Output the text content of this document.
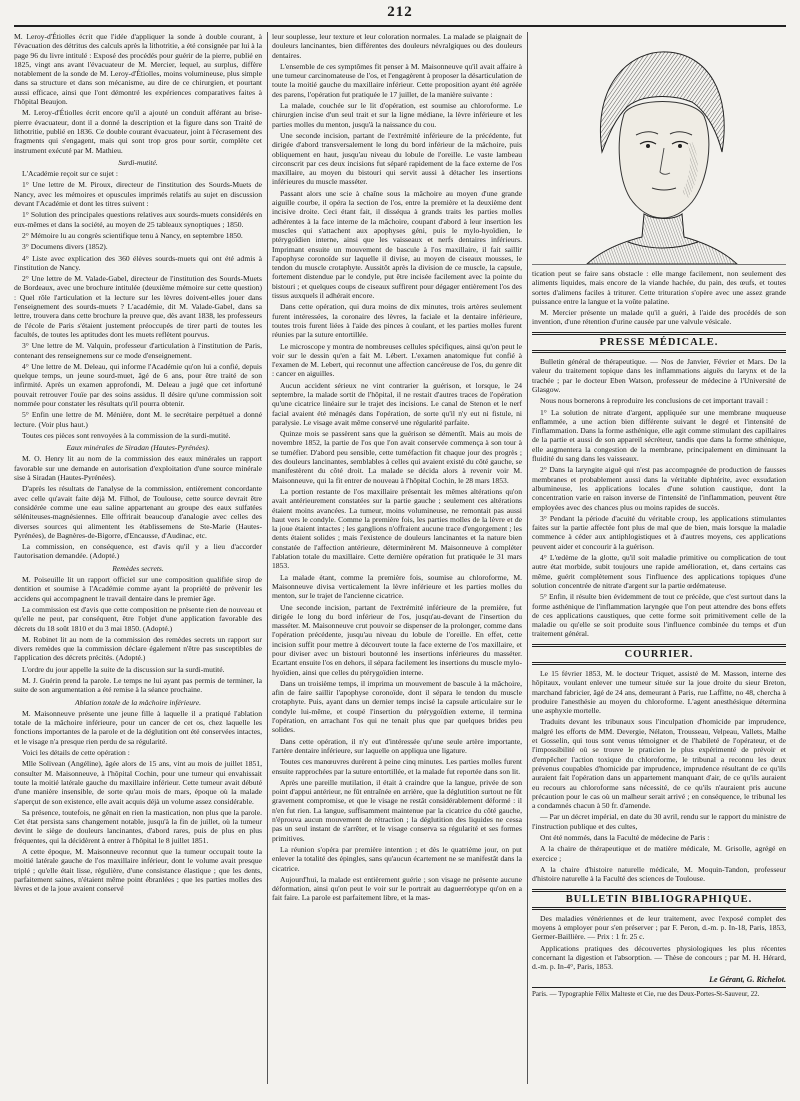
212

M. Leroy-d'Étiolles écrit que l'idée d'appliquer la sonde à double courant, à l'évacuation des détritus des calculs après la lithotritie, a été consignée par lui à la page 96 du livre intitulé : Exposé des procédés pour guérir de la pierre, publié en 1825, vingt ans avant l'évacuateur de M. Mercier, lequel, au surplus, diffère notablement de la sonde de M. Leroy-d'Étiolles, moins volumineuse, plus simple dans sa structure et dans son mécanisme, au dire de ce chirurgien, et pourtant aussi efficace, ainsi que l'ont démontré les expériences comparatives faites à l'hôpital Beaujon.

M. Leroy-d'Étiolles écrit encore qu'il a ajouté un conduit afférant au brise-pierre évacuateur, dont il a donné la description et la figure dans son Traité de lithotritie, publié en 1836. Ce double courant évacuateur, joint à l'écrasement des fragments qui s'engagent, mais qui sont trop gros pour sortir, complète cet instrument exécuté par M. Mathieu.

Surdi-mutité.

L'Académie reçoit sur ce sujet :

1° Une lettre de M. Piroux, directeur de l'institution des Sourds-Muets de Nancy, avec les mémoires et opuscules imprimés relatifs au sujet en discussion devant l'Académie et dont les titres suivent :

1° Solution des principales questions relatives aux sourds-muets considérés en eux-mêmes et dans la société, au moyen de 25 tableaux synoptiques ; 1850.

2° Mémoire lu au congrès scientifique tenu à Nancy, en septembre 1850.

3° Documens divers (1852).

4° Liste avec explication des 360 élèves sourds-muets qui ont été admis à l'institution de Nancy.

2° Une lettre de M. Valade-Gabel, directeur de l'institution des Sourds-Muets de Bordeaux, avec une brochure intitulée (deuxième mémoire sur cette question) : Quel rôle l'articulation et la lecture sur les lèvres doivent-elles jouer dans l'enseignement des sourds-muets ? L'académie, dit M. Valade-Gabel, dans sa lettre, trouvera dans cette brochure la preuve que, dès avant 1838, les professeurs de l'école de Paris s'étaient justement préoccupés de tirer parti de toutes les facultés, de toutes les aptitudes dont les muets reflètent pourvus.

3° Une lettre de M. Valquin, professeur d'articulation à l'institution de Paris, contenant des renseignemens sur ce mode d'enseignement.

4° Une lettre de M. Deleau, qui informe l'Académie qu'on lui a confié, depuis quelque temps, un jeune sourd-muet, âgé de 6 ans, pour être traité de son infirmité. Après un examen approfondi, M. Deleau a jugé que cet infortuné pouvait retrouver l'ouïe par des soins assidus. Il désire qu'une commission soit nommée pour constater les résultats qu'il pourra obtenir.

5° Enfin une lettre de M. Ménière, dont M. le secrétaire perpétuel a donné lecture. (Voir plus haut.)

Toutes ces pièces sont renvoyées à la commission de la surdi-mutité.

Eaux minérales de Siradan (Hautes-Pyrénées).

M. O. Henry lit au nom de la commission des eaux minérales un rapport favorable sur une demande en autorisation d'exploitation d'une source minérale sise à Siradan (Hautes-Pyrénées).

D'après les résultats de l'analyse de la commission, entièrement concordante avec celle qu'avait faite déjà M. Filhol, de Toulouse, cette source devrait être considérée comme une eau saline appartenant au groupe des eaux sulfatées séléniteuses-magnésiennes. Elle offrirait beaucoup d'analogie avec celles des diverses sources qui alimentent les établissemens de Ste-Marie (Hautes-Pyrénées), de Bagnères-de-Bigorre, d'Encausse, d'Audinac, etc.

La commission, en conséquence, est d'avis qu'il y a lieu d'accorder l'autorisation demandée. (Adopté.)

Remèdes secrets.

M. Poiseuille lit un rapport officiel sur une composition qualifiée sirop de dentition et soumise à l'Académie comme ayant la propriété de prévenir les accidens qui accompagnent le travail dentaire dans le premier âge.

La commission est d'avis que cette composition ne présente rien de nouveau et qu'elle ne peut, par conséquent, être l'objet d'une application favorable des décrets du 18 soût 1810 et du 3 mai 1850. (Adopté.)

M. Robinet lit au nom de la commission des remèdes secrets un rapport sur divers remèdes que la commission déclare également n'être pas susceptibles de l'application des décrets précités. (Adopté.)

L'ordre du jour appelle la suite de la discussion sur la surdi-mutité.

M. J. Guérin prend la parole. Le temps ne lui ayant pas permis de terminer, la suite de son argumentation a été remise à la séance prochaine.

Ablation totale de la mâchoire inférieure.

M. Maisonneuve présente une jeune fille à laquelle il a pratiqué l'ablation totale de la mâchoire inférieure, pour un cancer de cet os, chez laquelle les fonctions importantes de la parole et de la déglutition ont été conservées intactes, et le visage n'a presque rien perdu de sa régularité.

Voici les détails de cette opération :

Mlle Solivean (Angéline), âgée alors de 15 ans, vint au mois de juillet 1851, consulter M. Maisonneuve, à l'hôpital Cochin, pour une tumeur qui envahissait toute la moitié latérale gauche du maxillaire inférieur. Cette tumeur avait débuté d'une manière insensible, de sorte qu'au mois de mars, époque où la malade s'aperçut de son existence, elle avait acquis déjà un volume assez considérable.

Sa présence, toutefois, ne gênait en rien la mastication, non plus que la parole. Cet état persista sans changement notable, jusqu'à la fin de juillet, où la tumeur devint le siège de douleurs lancinantes, d'abord rares, puis de plus en plus fréquentes, qui la décidèrent à entrer à l'hôpital le 8 juillet 1851.

A cette époque, M. Maisonneuve reconnut que la tumeur occupait toute la moitié latérale gauche de l'os maxillaire inférieur, dont le volume avait presque triplé ; qu'elle était lisse, régulière, d'une consistance élastique ; que les dents, parfaitement saines, n'étaient même point ébranlées ; que les parties molles des lèvres et de la joue avaient conservé

leur souplesse, leur texture et leur coloration normales. La malade se plaignait de douleurs lancinantes, bien différentes des douleurs névralgiques ou des douleurs dentaires.

L'ensemble de ces symptômes fit penser à M. Maisonneuve qu'il avait affaire à une tumeur carcinomateuse de l'os, et l'engagèrent à proposer la désarticulation de toute la moitié gauche du maxillaire inférieur. Cette proposition ayant été agréée des parens, l'opération fut pratiquée le 17 juillet, de la manière suivante :

La malade, couchée sur le lit d'opération, est soumise au chloroforme. Le chirurgien incise d'un seul trait et sur la ligne médiane, la lèvre inférieure et les parties molles du menton, jusqu'à la naissance du cou.

Une seconde incision, partant de l'extrémité inférieure de la précédente, fut dirigée d'abord transversalement le long du bord inférieur de la mâchoire, puis obliquement en haut, jusqu'au niveau du lobule de l'oreille. Le vaste lambeau circonscrit par ces deux incisions fut séparé rapidement de la face externe de l'os maxillaire, au moyen du bistouri qui servit aussi à détacher les insertions inférieures du muscle masséter.

Passant alors une scie à chaîne sous la mâchoire au moyen d'une grande aiguille courbe, il opéra la section de l'os, entre la première et la deuxième dent incisive droite. Ceci étant fait, il disséqua à grands traits les parties molles adhérentes à la face interne de la mâchoire, coupant d'abord à leur insertion les muscles qui s'attachent aux apophyses géni, puis le mylo-hyoïdien, le ptérygoïdien interne, ainsi que les vaisseaux et nerfs dentaires inférieurs. Imprimant ensuite un mouvement de bascule à l'os maxillaire, il fait saillir l'apophyse coronoïde sur laquelle il divise, au moyen de ciseaux mousses, le tendon du muscle crotaphyte. Aussitôt après la division de ce muscle, la capsule, fortement distendue par le condyle, put être incisée facilement avec la pointe du bistouri ; et quelques coups de ciseaux suffirent pour dégager entièrement l'os des tissus auxquels il adhérait encore.

Dans cette opération, qui dura moins de dix minutes, trois artères seulement furent intéressées, la coronaire des lèvres, la faciale et la dentaire inférieure, toutes trois furent liées à l'aide des pinces à coulant, et les parties molles furent réunies par la suture entortillée.

Le microscope y montra de nombreuses cellules spécifiques, ainsi qu'on peut le voir sur le dessin qu'en a fait M. Lébert. L'examen anatomique fut confié à l'examen de M. Lebert, qui reconnut une affection cancéreuse de l'os, du genre dit : cancer en aiguilles.

Aucun accident sérieux ne vint contrarier la guérison, et lorsque, le 24 septembre, la malade sortit de l'hôpital, il ne restait d'autres traces de l'opération qu'une cicatrice linéaire sur le trajet des incisions. Le canal de Stenon et le nerf facial avaient été ménagés dans l'opération, de sorte qu'il n'y eut ni fistule, ni paralysie. Le visage avait même conservé une régularité parfaite.

Quinze mois se passèrent sans que la guérison se démentît. Mais au mois de novembre 1852, la partie de l'os que l'on avait conservée commença à son tour à se tuméfier. D'abord peu sensible, cette tuméfaction fit chaque jour des progrès ; des douleurs lancinantes, semblables à celles qui avaient existé du côté gauche, se manifestèrent du côté droit. La malade se décida alors à revenir voir M. Maisonneuve, qui la fit entrer de nouveau à l'hôpital Cochin, le 28 mars 1853.

La portion restante de l'os maxillaire présentait les mêmes altérations qu'on avait antérieurement constatées sur la partie gauche ; seulement ces altérations étaient moins avancées. La tumeur, moins volumineuse, ne remontait pas aussi haut vers le condyle. Comme la première fois, les parties molles de la lèvre et de la joue étaient intactes ; les ganglions n'offraient aucune trace d'engorgement ; les dents étaient solides ; mais l'existence de douleurs lancinantes et la nature bien constatée de l'affection antérieure, déterminèrent M. Maisonneuve à compléter l'ablation totale du maxillaire. Cette dernière opération fut pratiquée le 31 mars 1853.

La malade étant, comme la première fois, soumise au chloroforme, M. Maisonneuve divisa verticalement la lèvre inférieure et les parties molles du menton, sur le trajet de l'ancienne cicatrice.

Une seconde incision, partant de l'extrémité inférieure de la première, fut dirigée le long du bord inférieur de l'os, jusqu'au-devant de l'insertion du masséter. M. Maisonneuve crut pouvoir se dispenser de la prolonger, comme dans l'opération précédente, jusqu'au niveau du lobule de l'oreille. En effet, cette incision suffit pour mettre à découvert toute la face externe de l'os maxillaire, et pour diviser avec un bistouri boutonné les insertions inférieures du masséter. Ecartant ensuite l'os en dehors, il sépara facilement les insertions du muscle mylo-hyoïdien, ainsi que celles du ptérygoïdien interne.

Dans un troisième temps, il imprima un mouvement de bascule à la mâchoire, afin de faire saillir l'apophyse coronoïde, dont il sépara le tendon du muscle crotaphyte. Puis, ayant dans un dernier temps incisé la capsule articulaire sur le condyle lui-même, et coupé l'insertion du ptérygoïdien externe, il termina l'opération, en arrachant l'os qui ne tenait plus que par quelques brides peu solides.

Dans cette opération, il n'y eut d'intéressée qu'une seule artère importante, l'artère dentaire inférieure, sur laquelle on appliqua une ligature.

Toutes ces manœuvres durèrent à peine cinq minutes. Les parties molles furent ensuite rapprochées par la suture entortillée, et la malade fut reportée dans son lit.

Après une pareille mutilation, il était à craindre que la langue, privée de son point d'appui antérieur, ne fût entraînée en arrière, que la déglutition surtout ne fût gravement compromise, et que le visage ne restât considérablement déformé : il n'en fut rien. La langue, suffisamment maintenue par la cicatrice du côté gauche, n'éprouva aucun mouvement de rétraction ; la déglutition des liquides ne cessa pas un seul instant de s'arrêter, et le visage conserva sa régularité et ses formes primitives.

La réunion s'opéra par première intention ; et dès le quatrième jour, on put enlever la totalité des épingles, sans qu'aucun écartement ne se manifestât dans la cicatrice.

Aujourd'hui, la malade est entièrement guérie ; son visage ne présente aucune déformation, ainsi qu'on peut le voir sur le portrait au daguerréotype qu'on en a fait faire. La parole est parfaitement libre, et la mas-

tication peut se faire sans obstacle : elle mange facilement, non seulement des aliments liquides, mais encore de la viande hachée, du pain, des œufs, et toutes sortes d'alimens faciles à triturer. Cette trituration s'opère avec une assez grande puissance entre la langue et la voûte palatine.

M. Mercier présente un malade qu'il a guéri, à l'aide des procédés de son invention, d'une rétention d'urine causée par une valvule vésicale.

PRESSE MÉDICALE.

Bulletin général de thérapeutique. — Nos de Janvier, Février et Mars. De la valeur du traitement topique dans les inflammations aiguës du larynx et de la trachée ; par le docteur Eben Watson, professeur de médecine à l'Université de Glasgow.

Nous nous bornerons à reproduire les conclusions de cet important travail :

1° La solution de nitrate d'argent, appliquée sur une membrane muqueuse enflammée, a une action bien différente suivant le degré et l'intensité de l'inflammation. Dans la forme asthénique, elle agit comme stimulant des capillaires de la partie et aussi de son appareil sécréteur, tandis que dans la forme sthénique, elle augmentera la congestion de la membrane, principalement en diminuant la fluidité du sang dans les vaisseaux.

2° Dans la laryngite aiguë qui n'est pas accompagnée de production de fausses membranes et probablement aussi dans la véritable diphtérite, avec exsudation albumineuse, les applications locales d'une solution caustique, dont la concentration varie en raison inverse de l'intensité de l'inflammation, peuvent être employées avec des chances plus ou moins rapides de succès.

3° Pendant la période d'acuité du véritable croup, les applications stimulantes faites sur la partie affectée font plus de mal que de bien, mais lorsque la maladie commence à céder aux antiphlogistiques et à d'autres moyens, ces applications peuvent aider et concourir à la guérison.

4° L'œdème de la glotte, qu'il soit maladie primitive ou complication de tout autre état morbide, subit toujours une rapide amélioration, et, dans certains cas même, guérit complètement sous l'influence des applications topiques d'une solution concentrée de nitrate d'argent sur la partie œdémateuse.

5° Enfin, il résulte bien évidemment de tout ce précède, que c'est surtout dans la forme asthénique de l'inflammation laryngée que l'on peut attendre des bons effets de ces applications caustiques, que cette forme soit primitivement celle de la maladie ou qu'elle se soit produite sous l'influence combinée du temps et d'un traitement général.

COURRIER.

Le 15 février 1853, M. le docteur Triquet, assisté de M. Masson, interne des hôpitaux, voulant enlever une tumeur située sur la joue droite du sieur Breton, marchand fabricier, âgé de 24 ans, demeurant à Paris, rue Laffitte, no 48, chercha à produire l'anesthésie au moyen du chloroforme. L'agent anesthésique détermina une asphyxie mortelle.

Traduits devant les tribunaux sous l'inculpation d'homicide par imprudence, malgré les efforts de MM. Devergie, Nélaton, Trousseau, Velpeau, Vallets, Malhe et Gosselin, qui tous sont venus témoigner et de l'habileté de l'opérateur, et de l'impossibilité où se trouve le praticien le plus expérimenté de prévoir et d'empêcher l'action toxique du chloroforme, le tribunal a reconnu les deux prévenus coupables d'homicide par imprudence, imprudence résultant de ce qu'ils auraient fait l'opération dans un appartement manquant d'air, de ce qu'ils auraient eu recours au chloroforme sans nécessité, de ce qu'ils n'auraient pris aucune précaution pour le cas où un malheur serait arrivé ; en conséquence, le tribunal les a condamnés chacun à 50 fr. d'amende.

— Par un décret impérial, en date du 30 avril, rendu sur le rapport du ministre de l'instruction publique et des cultes,

Ont été nommés, dans la Faculté de médecine de Paris :

A la chaire de thérapeutique et de matière médicale, M. Grisolle, agrégé en exercice ;

A la chaire d'histoire naturelle médicale, M. Moquin-Tandon, professeur d'histoire naturelle à la Faculté des sciences de Toulouse.

BULLETIN BIBLIOGRAPHIQUE.

Des maladies vénériennes et de leur traitement, avec l'exposé complet des moyens à employer pour s'en préserver ; par F. Peron, d.-m. p. In-18, Paris, 1853, Germer-Baillière. — Prix : 1 fr. 25 c.

Applications pratiques des découvertes physiologiques les plus récentes concernant la digestion et l'absorption. — Thèse de concours ; par M. H. Hérard, d.-m. p. In-4°, Paris, 1853.

Le Gérant, G. Richelot.
Paris. — Typographie Félix Malteste et Cie, rue des Deux-Portes-St-Sauveur, 22.
